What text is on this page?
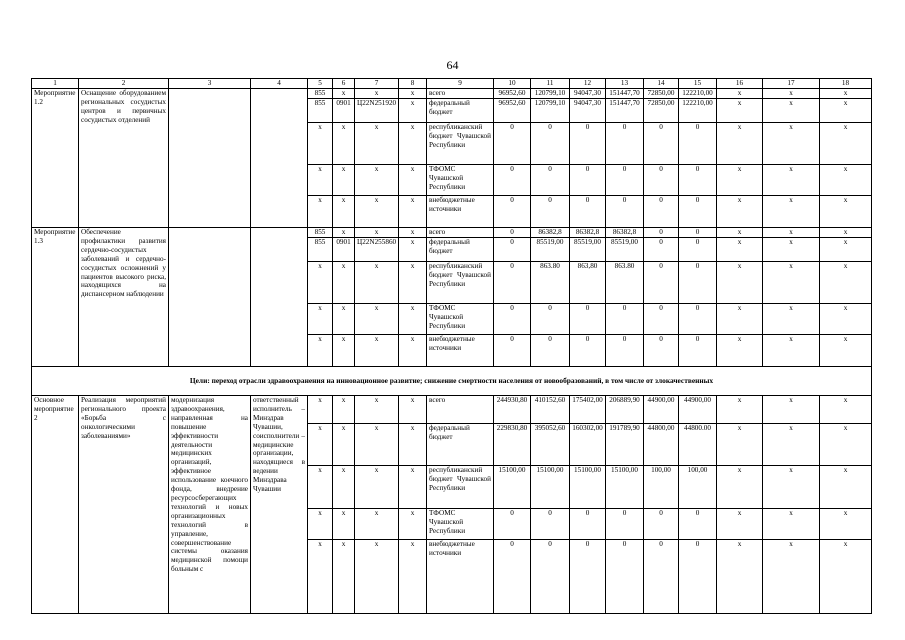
64
1	2	3	4	5	6	7	8	9	10	11	12	13	14	15	16	17	18
Мероприятие 1.2	Оснащение оборудованием региональных сосудистых центров и первичных сосудистых отделений			855	x	x	x	всего	96952,60	120799,10	94047,30	151447,70	72850,00	122210,00	x	x	x
				855	0901	Ц22N251920	x	федеральный бюджет	96952,60	120799,10	94047,30	151447,70	72850,00	122210,00	x	x	x
				x	x	x	x	республиканский бюджет Чувашской Республики	0	0	0	0	0	0	x	x	x
				x	x	x	x	ТФОМС Чувашской Республики	0	0	0	0	0	0	x	x	x
				x	x	x	x	внебюджетные источники	0	0	0	0	0	0	x	x	x
Мероприятие 1.3	Обеспечение профилактики развития сердечно-сосудистых заболеваний и сердечно-сосудистых осложнений у пациентов высокого риска, находящихся на диспансерном наблюдении			855	x	x	x	всего	0	86382,8	86382,8	86382,8	0	0	x	x	x
				855	0901	Ц22N255860	x	федеральный бюджет	0	85519,00	85519,00	85519,00	0	0	x	x	x
				x	x	x	x	республиканский бюджет Чувашской Республики	0	863.80	863,80	863.80	0	0	x	x	x
				x	x	x	x	ТФОМС Чувашской Республики	0	0	0	0	0	0	x	x	x
				x	x	x	x	внебюджетные источники	0	0	0	0	0	0	x	x	x
Цели: переход отрасли здравоохранения на инновационное развитие; снижение смертности населения от новообразований, в том числе от злокачественных																	
Основное мероприятие 2	Реализация мероприятий регионального проекта «Борьба с онкологическими заболеваниями»	модернизация здравоохранения, направленная на повышение эффективности деятельности медицинских организаций, эффективное использование коечного фонда, внедрение ресурсосберегающих технологий и новых организационных технологий в управление, совершенствование системы оказания медицинской помощи больным с	ответственный исполнитель – Минздрав Чувашии, соисполнители – медицинские организации, находящиеся в ведении Минздрава Чувашии	x	x	x	x	всего	244930,80	410152,60	175402,00	206889,90	44900,00	44900,00	x	x	x
				x	x	x	x	федеральный бюджет	229830,80	395052,60	160302,00	191789,90	44800,00	44800.00	x	x	x
				x	x	x	x	республиканский бюджет Чувашской Республики	15100,00	15100,00	15100,00	15100,00	100,00	100,00	x	x	x
				x	x	x	x	ТФОМС Чувашской Республики	0	0	0	0	0	0	x	x	x
				x	x	x	x	внебюджетные источники	0	0	0	0	0	0	x	x	x
